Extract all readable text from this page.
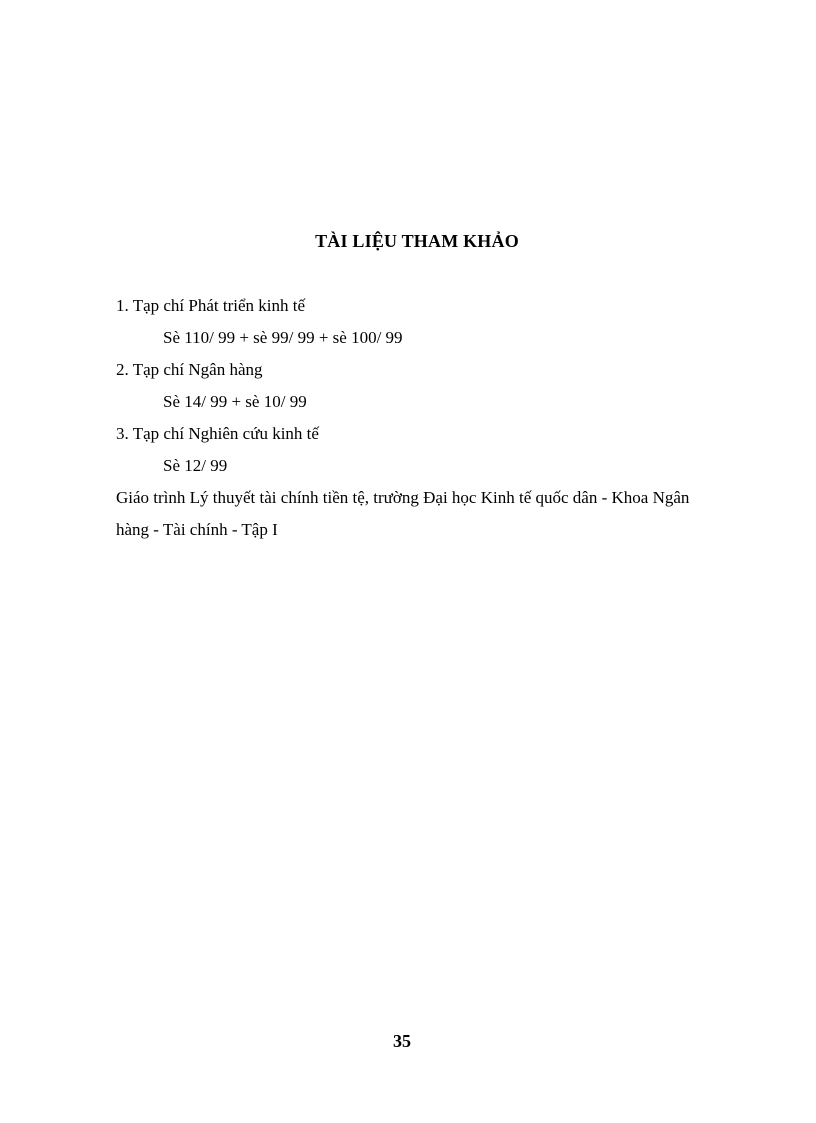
TÀI LIỆU THAM KHẢO
1. Tạp chí Phát triển kinh tế
Sè 110/ 99 + sè 99/ 99 + sè 100/ 99
2. Tạp chí Ngân hàng
Sè 14/ 99 + sè 10/ 99
3. Tạp chí Nghiên cứu kinh tế
Sè 12/ 99
Giáo trình Lý thuyết tài chính tiền tệ, trường Đại học Kinh tế quốc dân - Khoa Ngân
hàng - Tài chính - Tập I
35
